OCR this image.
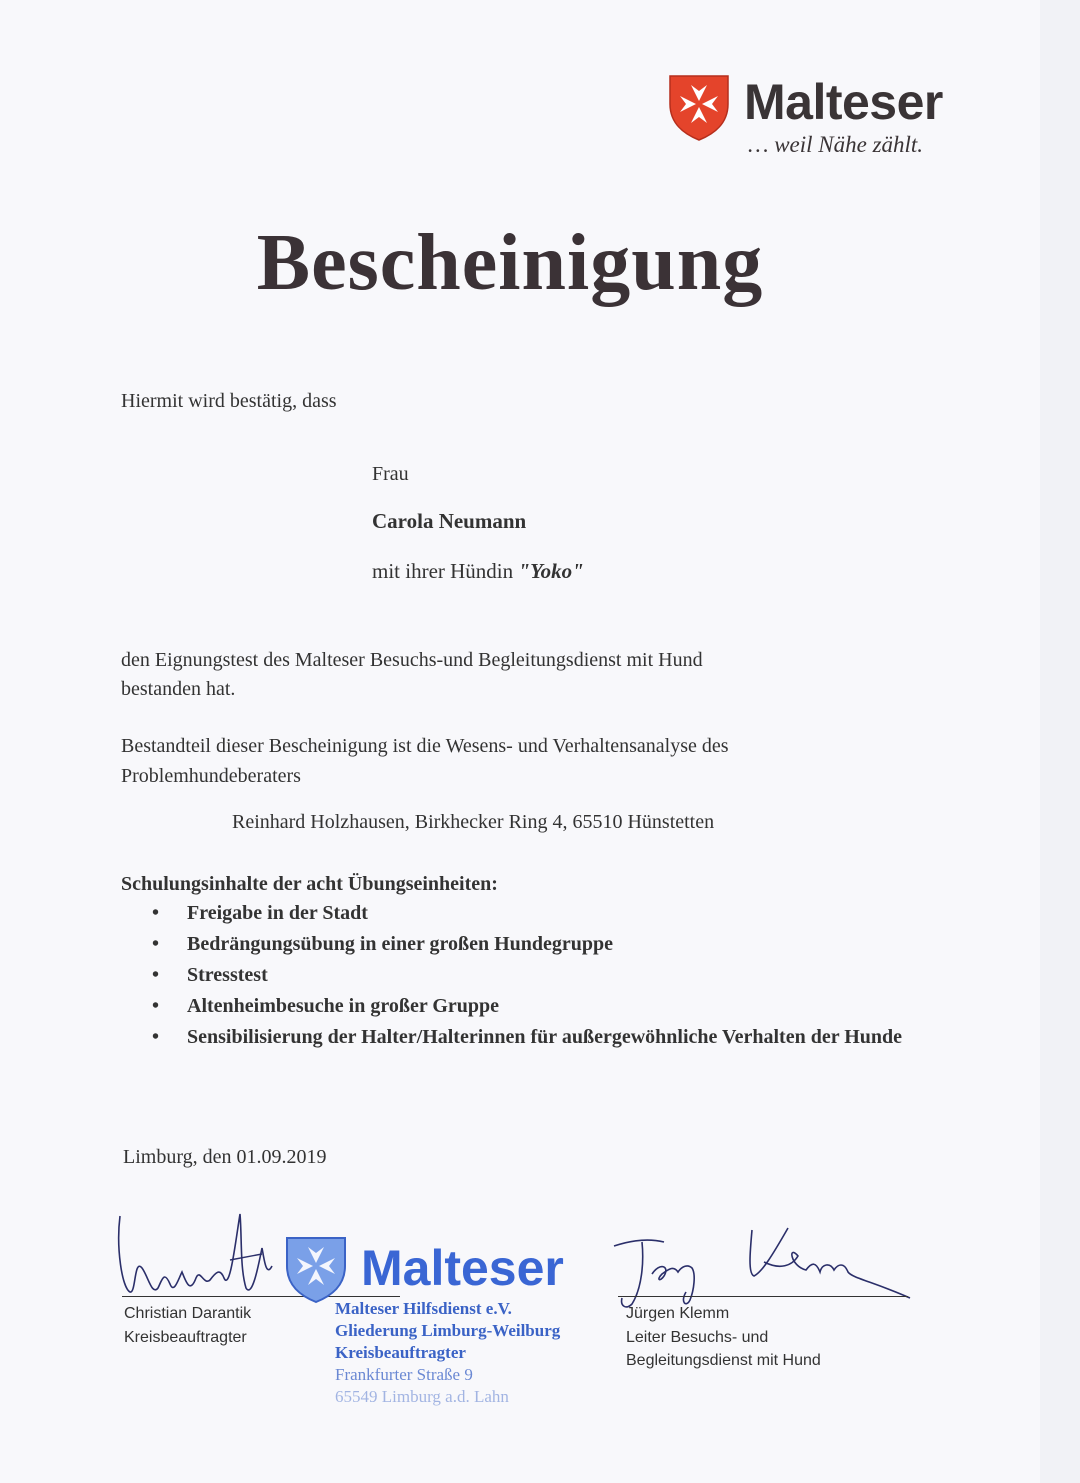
Malteser
… weil Nähe zählt.
Bescheinigung
Hiermit wird bestätig, dass
Frau
Carola Neumann
mit ihrer Hündin "Yoko"
den Eignungstest des Malteser Besuchs-und Begleitungsdienst mit Hund
bestanden hat.
Bestandteil dieser Bescheinigung ist die Wesens- und Verhaltensanalyse des
Problemhundeberaters
Reinhard Holzhausen, Birkhecker Ring 4, 65510 Hünstetten
Schulungsinhalte der acht Übungseinheiten:
• Freigabe in der Stadt
• Bedrängungsübung in einer großen Hundegruppe
• Stresstest
• Altenheimbesuche in großer Gruppe
• Sensibilisierung der Halter/Halterinnen für außergewöhnliche Verhalten der Hunde
Limburg, den 01.09.2019
Christian Darantik
Kreisbeauftragter
Malteser
Malteser Hilfsdienst e.V.
Gliederung Limburg-Weilburg
Kreisbeauftragter
Frankfurter Straße 9
65549 Limburg a.d. Lahn
Jürgen Klemm
Leiter Besuchs- und
Begleitungsdienst mit Hund
